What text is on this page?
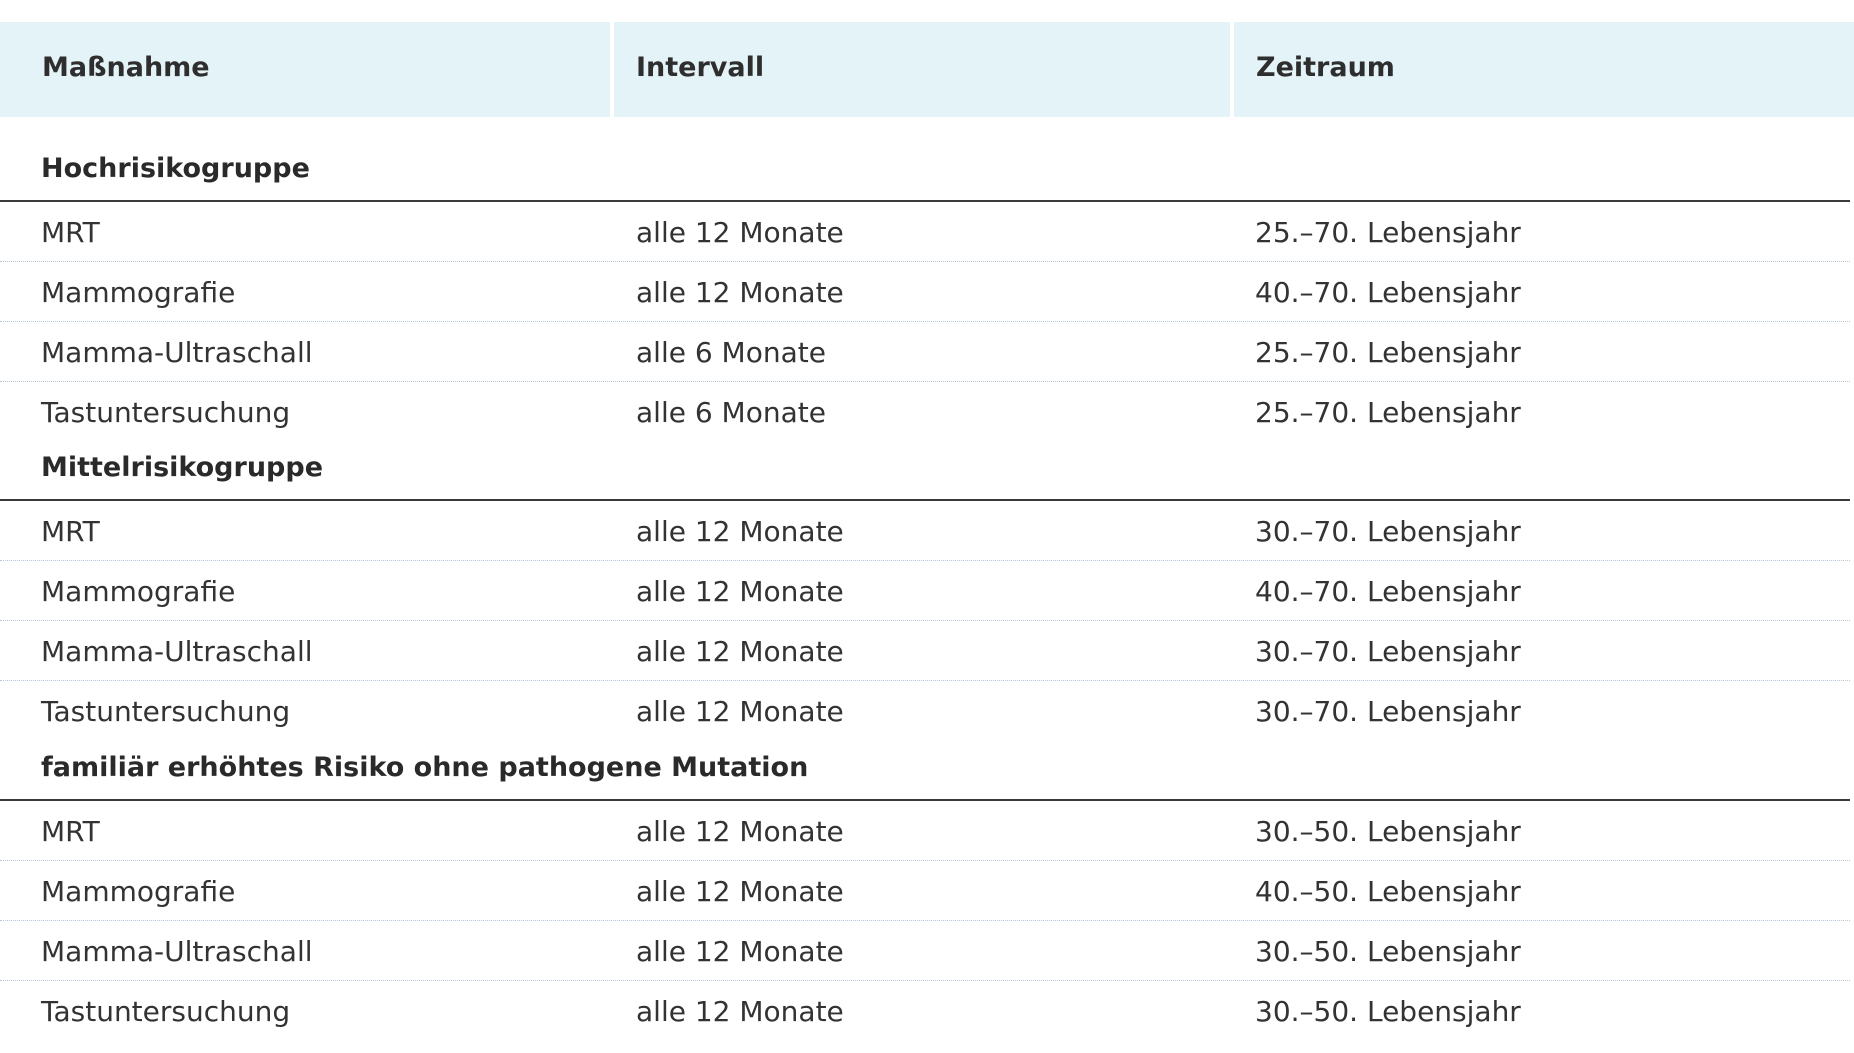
Maßnahme	Intervall	Zeitraum
Hochrisikogruppe
MRT	alle 12 Monate	25.–70. Lebensjahr
Mammografie	alle 12 Monate	40.–70. Lebensjahr
Mamma-Ultraschall	alle 6 Monate	25.–70. Lebensjahr
Tastuntersuchung	alle 6 Monate	25.–70. Lebensjahr
Mittelrisikogruppe
MRT	alle 12 Monate	30.–70. Lebensjahr
Mammografie	alle 12 Monate	40.–70. Lebensjahr
Mamma-Ultraschall	alle 12 Monate	30.–70. Lebensjahr
Tastuntersuchung	alle 12 Monate	30.–70. Lebensjahr
familiär erhöhtes Risiko ohne pathogene Mutation
MRT	alle 12 Monate	30.–50. Lebensjahr
Mammografie	alle 12 Monate	40.–50. Lebensjahr
Mamma-Ultraschall	alle 12 Monate	30.–50. Lebensjahr
Tastuntersuchung	alle 12 Monate	30.–50. Lebensjahr
